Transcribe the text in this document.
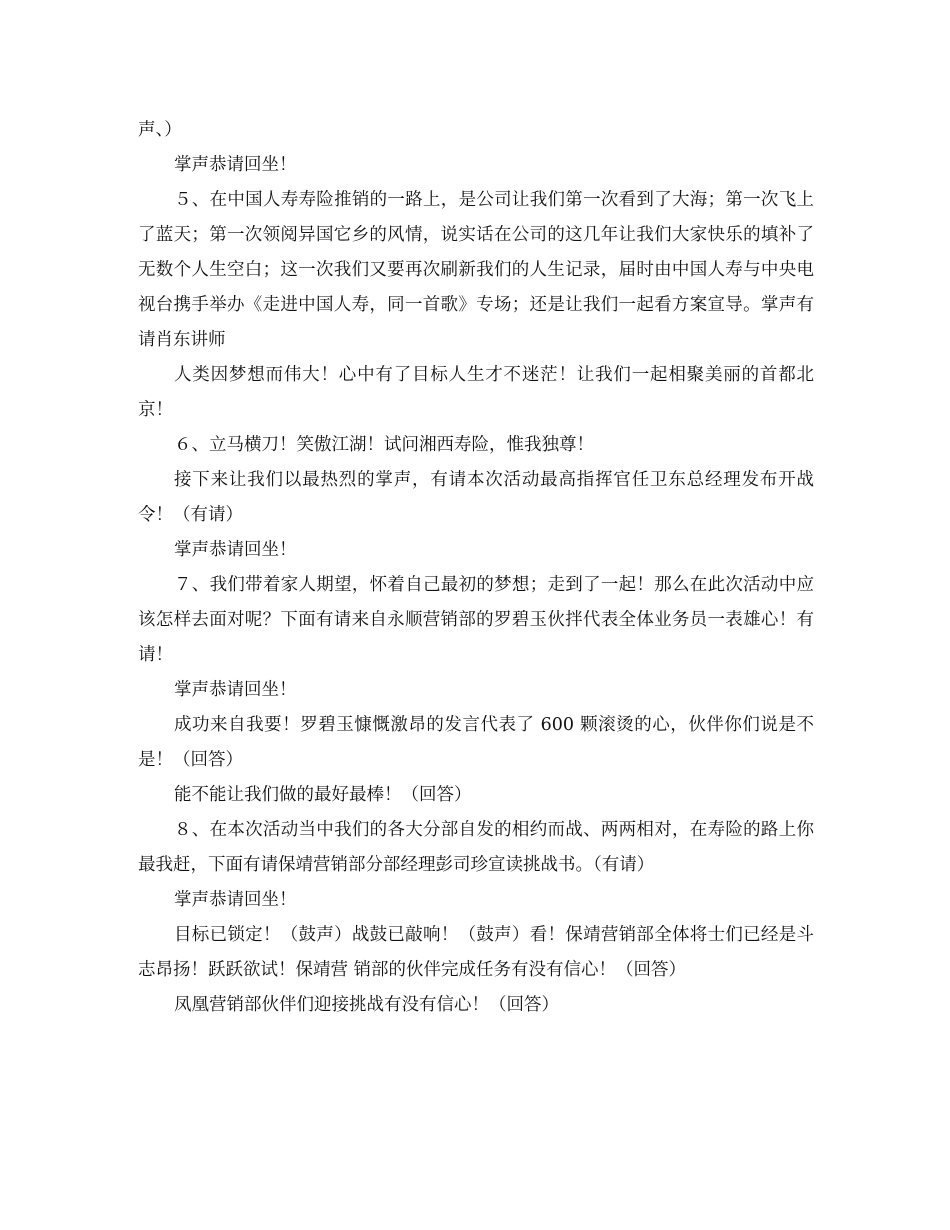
声、）

掌声恭请回坐！

５、在中国人寿寿险推销的一路上，是公司让我们第一次看到了大海；第一次飞上了蓝天；第一次领阅异国它乡的风情，说实话在公司的这几年让我们大家快乐的填补了无数个人生空白；这一次我们又要再次刷新我们的人生记录，届时由中国人寿与中央电视台携手举办《走进中国人寿，同一首歌》专场；还是让我们一起看方案宣导。掌声有请肖东讲师

人类因梦想而伟大！心中有了目标人生才不迷茫！让我们一起相聚美丽的首都北京！

６、立马横刀！笑傲江湖！试问湘西寿险，惟我独尊！

接下来让我们以最热烈的掌声，有请本次活动最高指挥官任卫东总经理发布开战令！（有请）

掌声恭请回坐！

７、我们带着家人期望，怀着自己最初的梦想；走到了一起！那么在此次活动中应该怎样去面对呢？下面有请来自永顺营销部的罗碧玉伙拌代表全体业务员一表雄心！有请！

掌声恭请回坐！

成功来自我要！罗碧玉慷慨激昂的发言代表了 600 颗滚烫的心，伙伴你们说是不是！（回答）

能不能让我们做的最好最棒！（回答）

８、在本次活动当中我们的各大分部自发的相约而战、两两相对，在寿险的路上你最我赶，下面有请保靖营销部分部经理彭司珍宣读挑战书。（有请）

掌声恭请回坐！

目标已锁定！（鼓声）战鼓已敲响！（鼓声）看！保靖营销部全体将士们已经是斗志昂扬！跃跃欲试！保靖营 销部的伙伴完成任务有没有信心！（回答）

凤凰营销部伙伴们迎接挑战有没有信心！（回答）
